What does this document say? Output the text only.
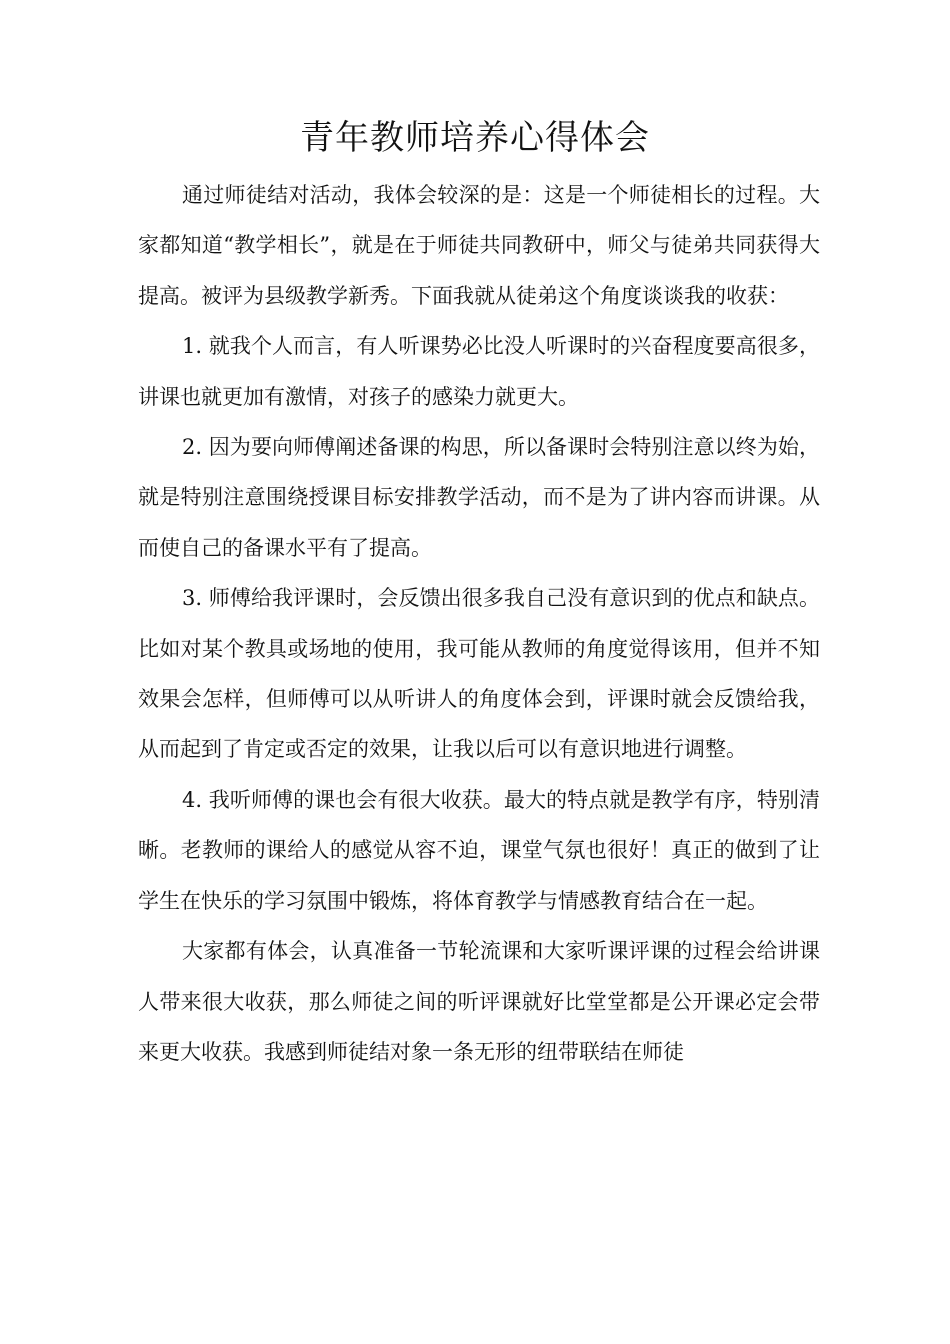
青年教师培养心得体会

通过师徒结对活动，我体会较深的是：这是一个师徒相长的过程。大家都知道“教学相长”，就是在于师徒共同教研中，师父与徒弟共同获得大提高。被评为县级教学新秀。下面我就从徒弟这个角度谈谈我的收获：

1. 就我个人而言，有人听课势必比没人听课时的兴奋程度要高很多，讲课也就更加有激情，对孩子的感染力就更大。

2. 因为要向师傅阐述备课的构思，所以备课时会特别注意以终为始，就是特别注意围绕授课目标安排教学活动，而不是为了讲内容而讲课。从而使自己的备课水平有了提高。

3. 师傅给我评课时，会反馈出很多我自己没有意识到的优点和缺点。比如对某个教具或场地的使用，我可能从教师的角度觉得该用，但并不知效果会怎样，但师傅可以从听讲人的角度体会到，评课时就会反馈给我，从而起到了肯定或否定的效果，让我以后可以有意识地进行调整。

4. 我听师傅的课也会有很大收获。最大的特点就是教学有序，特别清晰。老教师的课给人的感觉从容不迫，课堂气氛也很好！真正的做到了让学生在快乐的学习氛围中锻炼，将体育教学与情感教育结合在一起。

大家都有体会，认真准备一节轮流课和大家听课评课的过程会给讲课人带来很大收获，那么师徒之间的听评课就好比堂堂都是公开课必定会带来更大收获。我感到师徒结对象一条无形的纽带联结在师徒
